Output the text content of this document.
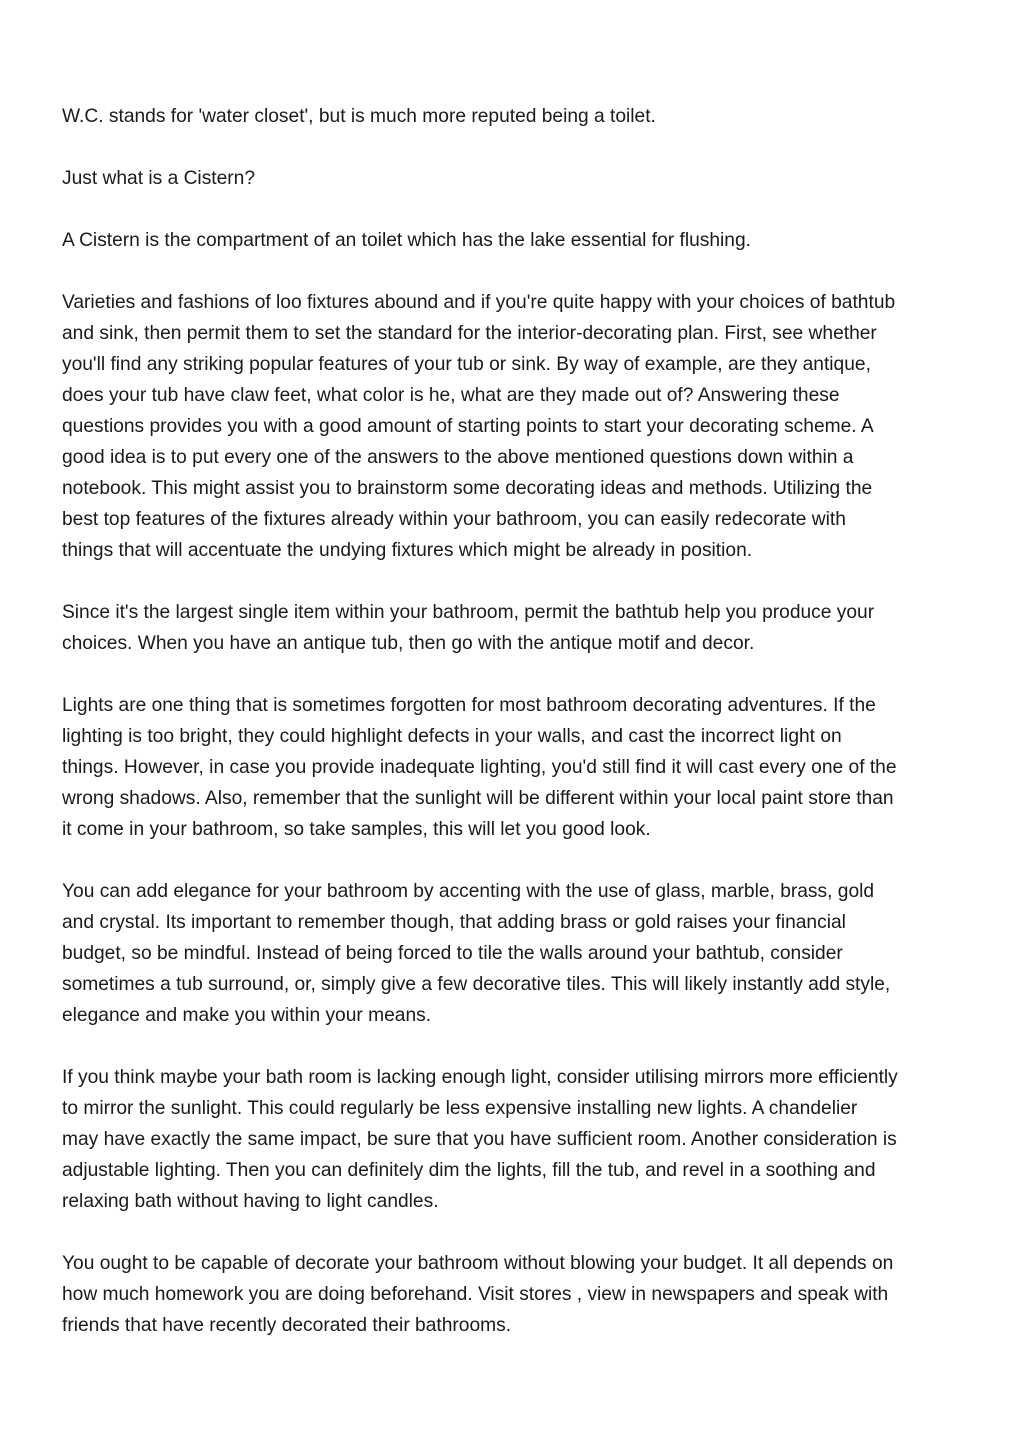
W.C. stands for 'water closet', but is much more reputed being a toilet.

Just what is a Cistern?

A Cistern is the compartment of an toilet which has the lake essential for flushing.

Varieties and fashions of loo fixtures abound and if you're quite happy with your choices of bathtub
and sink, then permit them to set the standard for the interior-decorating plan. First, see whether
you'll find any striking popular features of your tub or sink. By way of example, are they antique,
does your tub have claw feet, what color is he, what are they made out of? Answering these
questions provides you with a good amount of starting points to start your decorating scheme. A
good idea is to put every one of the answers to the above mentioned questions down within a
notebook. This might assist you to brainstorm some decorating ideas and methods. Utilizing the
best top features of the fixtures already within your bathroom, you can easily redecorate with
things that will accentuate the undying fixtures which might be already in position.

Since it's the largest single item within your bathroom, permit the bathtub help you produce your
choices. When you have an antique tub, then go with the antique motif and decor.

Lights are one thing that is sometimes forgotten for most bathroom decorating adventures. If the
lighting is too bright, they could highlight defects in your walls, and cast the incorrect light on
things. However, in case you provide inadequate lighting, you'd still find it will cast every one of the
wrong shadows. Also, remember that the sunlight will be different within your local paint store than
it come in your bathroom, so take samples, this will let you good look.

You can add elegance for your bathroom by accenting with the use of glass, marble, brass, gold
and crystal. Its important to remember though, that adding brass or gold raises your financial
budget, so be mindful. Instead of being forced to tile the walls around your bathtub, consider
sometimes a tub surround, or, simply give a few decorative tiles. This will likely instantly add style,
elegance and make you within your means.

If you think maybe your bath room is lacking enough light, consider utilising mirrors more efficiently
to mirror the sunlight. This could regularly be less expensive installing new lights. A chandelier
may have exactly the same impact, be sure that you have sufficient room. Another consideration is
adjustable lighting. Then you can definitely dim the lights, fill the tub, and revel in a soothing and
relaxing bath without having to light candles.

You ought to be capable of decorate your bathroom without blowing your budget. It all depends on
how much homework you are doing beforehand. Visit stores , view in newspapers and speak with
friends that have recently decorated their bathrooms.
